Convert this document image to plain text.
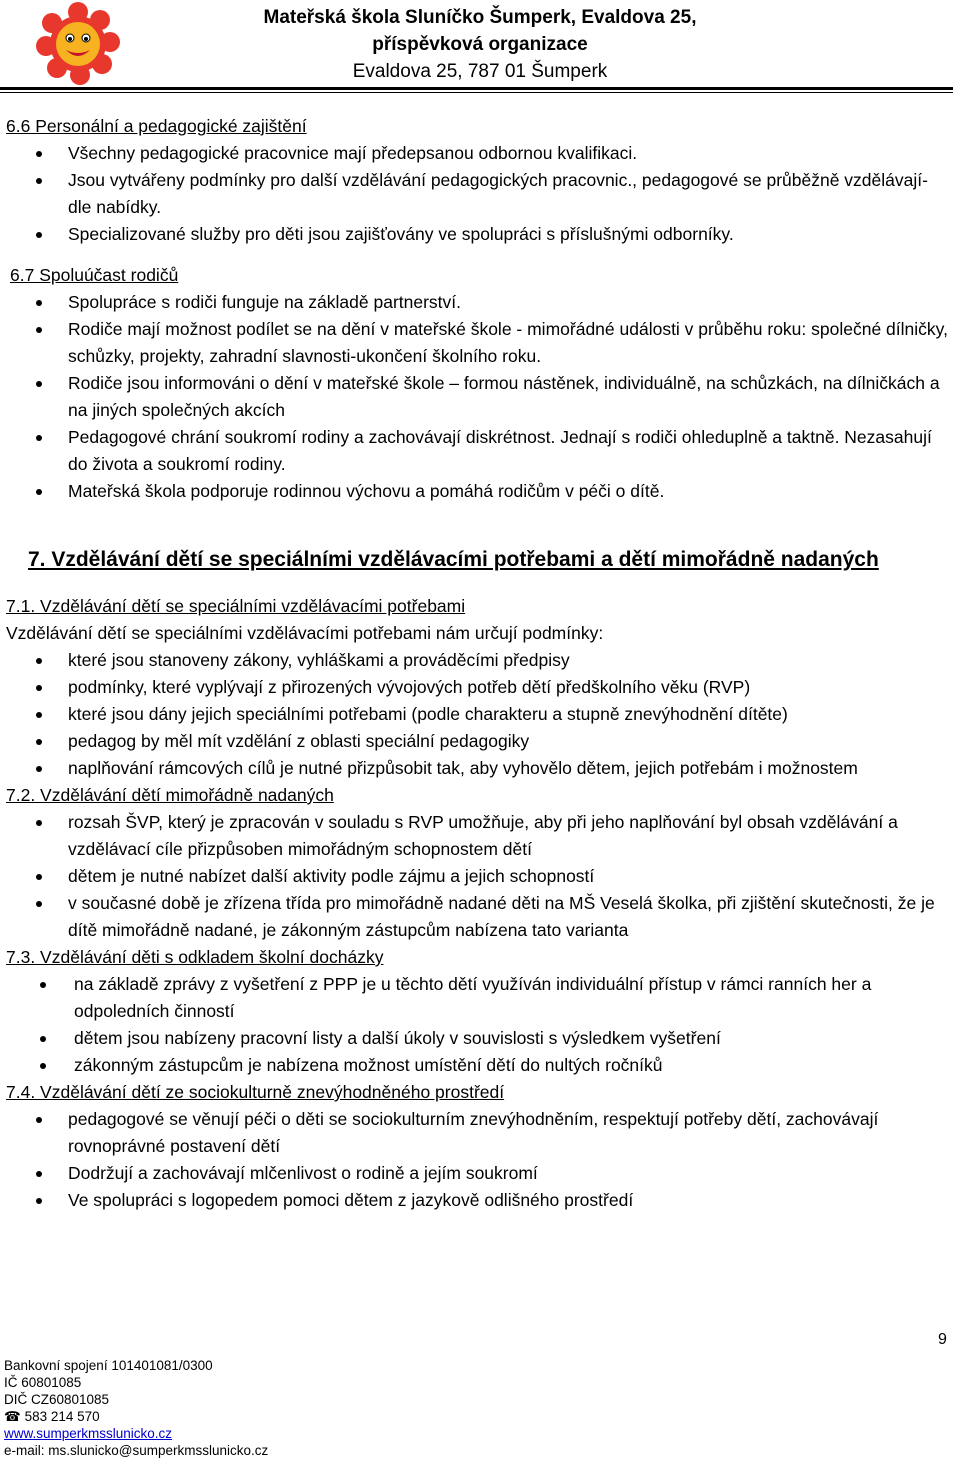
Mateřská škola Sluníčko Šumperk, Evaldova 25,
příspěvková organizace
Evaldova 25, 787 01 Šumperk

6.6 Personální a pedagogické zajištění

Všechny pedagogické pracovnice mají předepsanou odbornou kvalifikaci.
Jsou vytvářeny podmínky pro další vzdělávání pedagogických pracovnic., pedagogové se průběžně vzdělávají-dle nabídky.
Specializované služby pro děti jsou zajišťovány ve spolupráci s příslušnými odborníky.

6.7 Spoluúčast rodičů

Spolupráce s rodiči funguje na základě partnerství.
Rodiče mají možnost podílet se na dění v mateřské škole - mimořádné události v průběhu roku: společné dílničky, schůzky, projekty, zahradní slavnosti-ukončení školního roku.
Rodiče jsou informováni o dění v mateřské škole – formou nástěnek, individuálně, na schůzkách, na dílničkách a na jiných společných akcích
Pedagogové chrání soukromí rodiny a zachovávají diskrétnost. Jednají s rodiči ohleduplně a taktně. Nezasahují do života a soukromí rodiny.
Mateřská škola podporuje rodinnou výchovu a pomáhá rodičům v péči o dítě.
7. Vzdělávání dětí se speciálními vzdělávacími potřebami a dětí mimořádně nadaných

7.1. Vzdělávání dětí se speciálními vzdělávacími potřebami

Vzdělávání dětí se speciálními vzdělávacími potřebami nám určují podmínky:

které jsou stanoveny zákony, vyhláškami a prováděcími předpisy
podmínky, které vyplývají z přirozených vývojových potřeb dětí předškolního věku (RVP)
které jsou dány jejich speciálními potřebami (podle charakteru a stupně znevýhodnění dítěte)
pedagog by měl mít vzdělání z oblasti speciální pedagogiky
naplňování rámcových cílů je nutné přizpůsobit tak, aby vyhovělo dětem, jejich potřebám i možnostem

7.2. Vzdělávání dětí mimořádně nadaných

rozsah ŠVP, který je zpracován v souladu s RVP umožňuje, aby při jeho naplňování byl obsah vzdělávání a vzdělávací cíle přizpůsoben mimořádným schopnostem dětí
dětem je nutné nabízet další aktivity podle zájmu a jejich schopností
v současné době je zřízena třída pro mimořádně nadané děti na MŠ Veselá školka, při zjištění skutečnosti, že je dítě mimořádně nadané, je zákonným zástupcům nabízena tato varianta

7.3. Vzdělávání děti s odkladem školní docházky

na základě zprávy z vyšetření z PPP je u těchto dětí využíván individuální přístup v rámci ranních her a odpoledních činností
dětem jsou nabízeny pracovní listy a další úkoly v souvislosti s výsledkem vyšetření
zákonným zástupcům je nabízena možnost umístění dětí do nultých ročníků

7.4. Vzdělávání dětí ze sociokulturně znevýhodněného prostředí

pedagogové se věnují péči o děti se sociokulturním znevýhodněním, respektují potřeby dětí, zachovávají rovnoprávné postavení dětí
Dodržují a zachovávají mlčenlivost o rodině a jejím soukromí
Ve spolupráci s logopedem pomoci dětem z jazykově odlišného prostředí
9
Bankovní spojení 101401081/0300
IČ 60801085
DIČ CZ60801085
☎ 583 214 570
www.sumperkmsslunicko.cz
e-mail: ms.slunicko@sumperkmsslunicko.cz
